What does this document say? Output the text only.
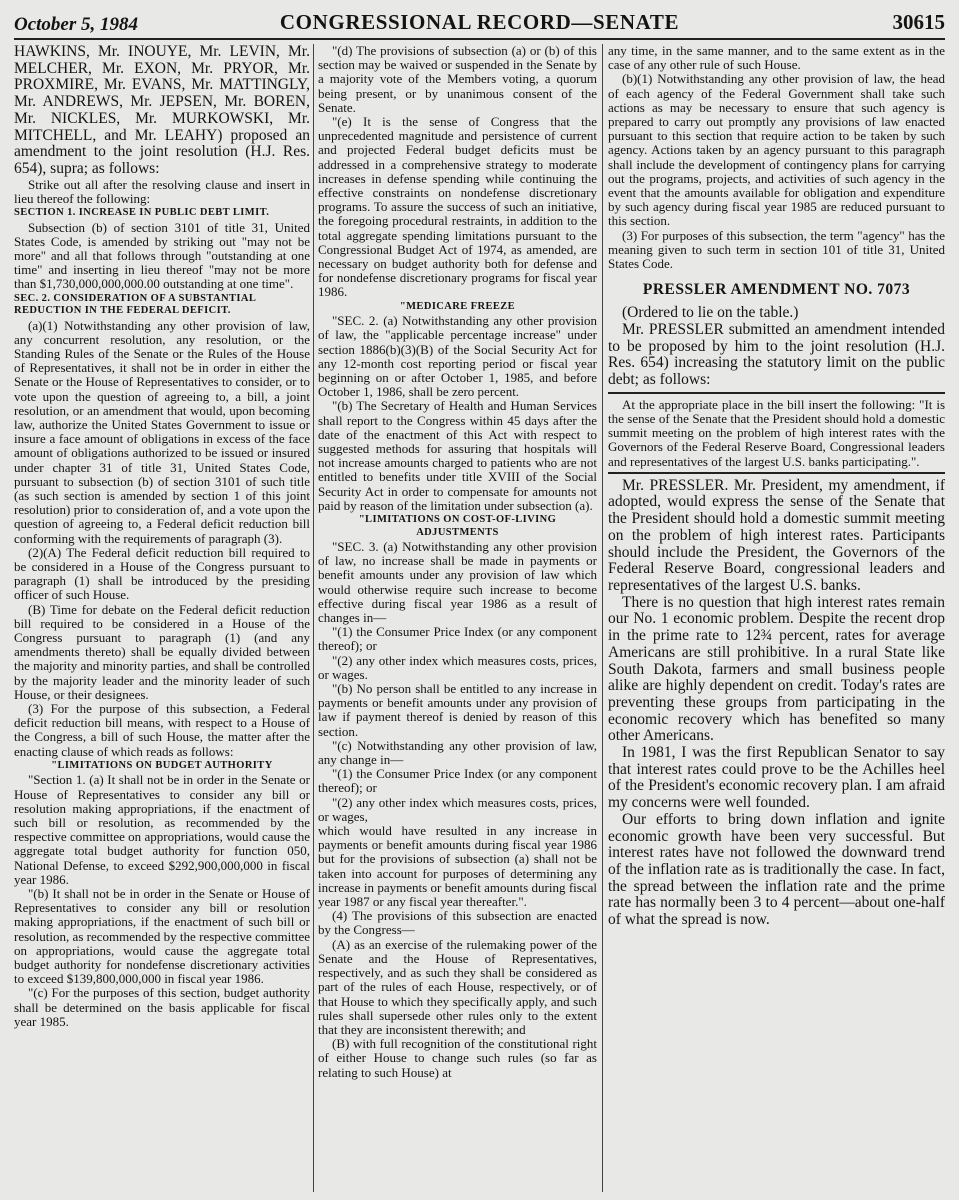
October 5, 1984	CONGRESSIONAL RECORD—SENATE	30615

HAWKINS, Mr. INOUYE, Mr. LEVIN, Mr. MELCHER, Mr. EXON, Mr. PRYOR, Mr. PROXMIRE, Mr. EVANS, Mr. MATTINGLY, Mr. ANDREWS, Mr. JEPSEN, Mr. BOREN, Mr. NICKLES, Mr. MURKOWSKI, Mr. MITCHELL, and Mr. LEAHY) proposed an amendment to the joint resolution (H.J. Res. 654), supra; as follows:

Strike out all after the resolving clause and insert in lieu thereof the following:

SECTION 1. INCREASE IN PUBLIC DEBT LIMIT.

Subsection (b) of section 3101 of title 31, United States Code, is amended by striking out "may not be more" and all that follows through "outstanding at one time" and inserting in lieu thereof "may not be more than $1,730,000,000,000.00 outstanding at one time".

SEC. 2. CONSIDERATION OF A SUBSTANTIAL REDUCTION IN THE FEDERAL DEFICIT.

(a)(1) Notwithstanding any other provision of law, any concurrent resolution, any resolution, or the Standing Rules of the Senate or the Rules of the House of Representatives, it shall not be in order in either the Senate or the House of Representatives to consider, or to vote upon the question of agreeing to, a bill, a joint resolution, or an amendment that would, upon becoming law, authorize the United States Government to issue or insure a face amount of obligations in excess of the face amount of obligations authorized to be issued or insured under chapter 31 of title 31, United States Code, pursuant to subsection (b) of section 3101 of such title (as such section is amended by section 1 of this joint resolution) prior to consideration of, and a vote upon the question of agreeing to, a Federal deficit reduction bill conforming with the requirements of paragraph (3).

(2)(A) The Federal deficit reduction bill required to be considered in a House of the Congress pursuant to paragraph (1) shall be introduced by the presiding officer of such House.

(B) Time for debate on the Federal deficit reduction bill required to be considered in a House of the Congress pursuant to paragraph (1) (and any amendments thereto) shall be equally divided between the majority and minority parties, and shall be controlled by the majority leader and the minority leader of such House, or their designees.

(3) For the purpose of this subsection, a Federal deficit reduction bill means, with respect to a House of the Congress, a bill of such House, the matter after the enacting clause of which reads as follows:

"LIMITATIONS ON BUDGET AUTHORITY

"Section 1. (a) It shall not be in order in the Senate or House of Representatives to consider any bill or resolution making appropriations, if the enactment of such bill or resolution, as recommended by the respective committee on appropriations, would cause the aggregate total budget authority for function 050, National Defense, to exceed $292,900,000,000 in fiscal year 1986.

"(b) It shall not be in order in the Senate or House of Representatives to consider any bill or resolution making appropriations, if the enactment of such bill or resolution, as recommended by the respective committee on appropriations, would cause the aggregate total budget authority for nondefense discretionary activities to exceed $139,800,000,000 in fiscal year 1986.

"(c) For the purposes of this section, budget authority shall be determined on the basis applicable for fiscal year 1985.

"(d) The provisions of subsection (a) or (b) of this section may be waived or suspended in the Senate by a majority vote of the Members voting, a quorum being present, or by unanimous consent of the Senate.

"(e) It is the sense of Congress that the unprecedented magnitude and persistence of current and projected Federal budget deficits must be addressed in a comprehensive strategy to moderate increases in defense spending while continuing the effective constraints on nondefense discretionary programs. To assure the success of such an initiative, the foregoing procedural restraints, in addition to the total aggregate spending limitations pursuant to the Congressional Budget Act of 1974, as amended, are necessary on budget authority both for defense and for nondefense discretionary programs for fiscal year 1986.

"MEDICARE FREEZE

"SEC. 2. (a) Notwithstanding any other provision of law, the "applicable percentage increase" under section 1886(b)(3)(B) of the Social Security Act for any 12-month cost reporting period or fiscal year beginning on or after October 1, 1985, and before October 1, 1986, shall be zero percent.

"(b) The Secretary of Health and Human Services shall report to the Congress within 45 days after the date of the enactment of this Act with respect to suggested methods for assuring that hospitals will not increase amounts charged to patients who are not entitled to benefits under title XVIII of the Social Security Act in order to compensate for amounts not paid by reason of the limitation under subsection (a).

"LIMITATIONS ON COST-OF-LIVING ADJUSTMENTS

"SEC. 3. (a) Notwithstanding any other provision of law, no increase shall be made in payments or benefit amounts under any provision of law which would otherwise require such increase to become effective during fiscal year 1986 as a result of changes in—

"(1) the Consumer Price Index (or any component thereof); or

"(2) any other index which measures costs, prices, or wages.

"(b) No person shall be entitled to any increase in payments or benefit amounts under any provision of law if payment thereof is denied by reason of this section.

"(c) Notwithstanding any other provision of law, any change in—

"(1) the Consumer Price Index (or any component thereof); or

"(2) any other index which measures costs, prices, or wages,

which would have resulted in any increase in payments or benefit amounts during fiscal year 1986 but for the provisions of subsection (a) shall not be taken into account for purposes of determining any increase in payments or benefit amounts during fiscal year 1987 or any fiscal year thereafter.".

(4) The provisions of this subsection are enacted by the Congress—

(A) as an exercise of the rulemaking power of the Senate and the House of Representatives, respectively, and as such they shall be considered as part of the rules of each House, respectively, or of that House to which they specifically apply, and such rules shall supersede other rules only to the extent that they are inconsistent therewith; and

(B) with full recognition of the constitutional right of either House to change such rules (so far as relating to such House) at

any time, in the same manner, and to the same extent as in the case of any other rule of such House.

(b)(1) Notwithstanding any other provision of law, the head of each agency of the Federal Government shall take such actions as may be necessary to ensure that such agency is prepared to carry out promptly any provisions of law enacted pursuant to this section that require action to be taken by such agency. Actions taken by an agency pursuant to this paragraph shall include the development of contingency plans for carrying out the programs, projects, and activities of such agency in the event that the amounts available for obligation and expenditure by such agency during fiscal year 1985 are reduced pursuant to this section.

(3) For purposes of this subsection, the term "agency" has the meaning given to such term in section 101 of title 31, United States Code.

PRESSLER AMENDMENT NO. 7073

(Ordered to lie on the table.)

Mr. PRESSLER submitted an amendment intended to be proposed by him to the joint resolution (H.J. Res. 654) increasing the statutory limit on the public debt; as follows:

At the appropriate place in the bill insert the following: "It is the sense of the Senate that the President should hold a domestic summit meeting on the problem of high interest rates with the Governors of the Federal Reserve Board, Congressional leaders and representatives of the largest U.S. banks participating.".

Mr. PRESSLER. Mr. President, my amendment, if adopted, would express the sense of the Senate that the President should hold a domestic summit meeting on the problem of high interest rates. Participants should include the President, the Governors of the Federal Reserve Board, congressional leaders and representatives of the largest U.S. banks.

There is no question that high interest rates remain our No. 1 economic problem. Despite the recent drop in the prime rate to 12¾ percent, rates for average Americans are still prohibitive. In a rural State like South Dakota, farmers and small business people alike are highly dependent on credit. Today's rates are preventing these groups from participating in the economic recovery which has benefited so many other Americans.

In 1981, I was the first Republican Senator to say that interest rates could prove to be the Achilles heel of the President's economic recovery plan. I am afraid my concerns were well founded.

Our efforts to bring down inflation and ignite economic growth have been very successful. But interest rates have not followed the downward trend of the inflation rate as is traditionally the case. In fact, the spread between the inflation rate and the prime rate has normally been 3 to 4 percent—about one-half of what the spread is now.
